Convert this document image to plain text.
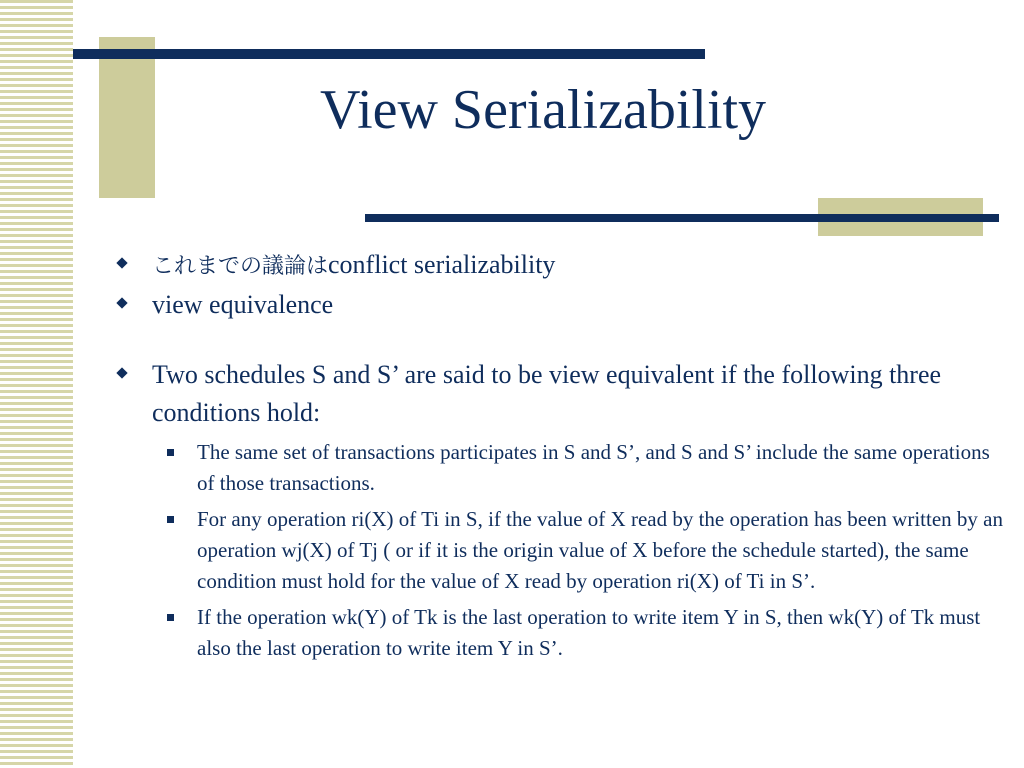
View Serializability
これまでの議論はconflict serializability
view equivalence
Two schedules S and S’ are said to be view equivalent if the following three conditions hold:
The same set of transactions participates in S and S’, and S and S’ include the same operations of those transactions.
For any operation ri(X) of Ti in S, if the value of X read by the operation has been written by an operation wj(X) of Tj ( or if it is the origin value of X before the schedule started), the same condition must hold for the value of X read by operation ri(X) of Ti in S’.
If the operation wk(Y) of Tk is the last operation to write item Y in S, then wk(Y) of Tk must also the last operation to write item Y in S’.
